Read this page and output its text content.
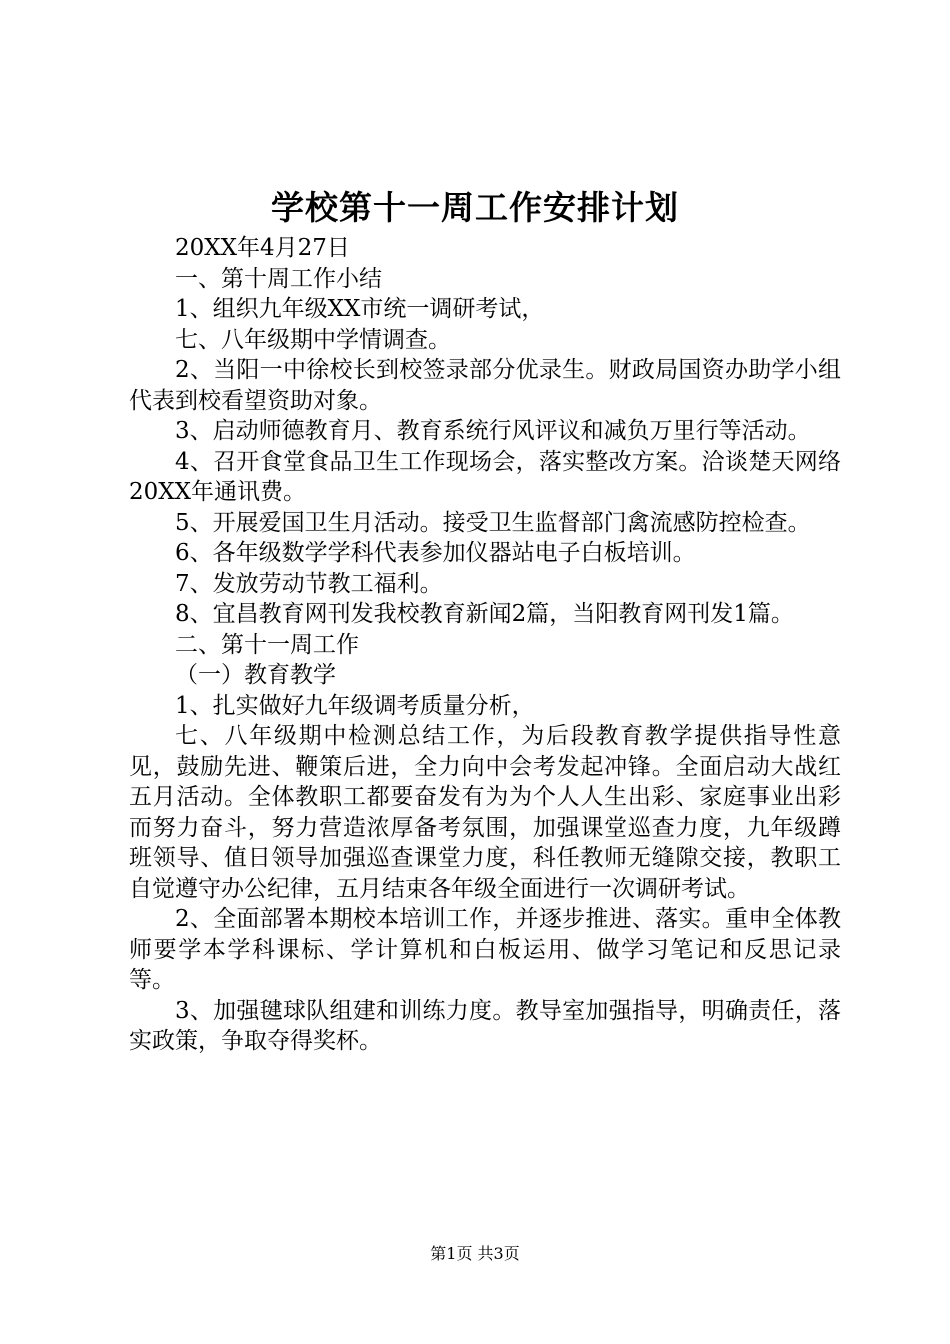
学校第十一周工作安排计划

20XX年4月27日

一、第十周工作小结

1、组织九年级XX市统一调研考试，

七、八年级期中学情调查。

2、当阳一中徐校长到校签录部分优录生。财政局国资办助学小组代表到校看望资助对象。

3、启动师德教育月、教育系统行风评议和减负万里行等活动。

4、召开食堂食品卫生工作现场会，落实整改方案。洽谈楚天网络20XX年通讯费。

5、开展爱国卫生月活动。接受卫生监督部门禽流感防控检查。

6、各年级数学学科代表参加仪器站电子白板培训。

7、发放劳动节教工福利。

8、宜昌教育网刊发我校教育新闻2篇，当阳教育网刊发1篇。

二、第十一周工作

（一）教育教学

1、扎实做好九年级调考质量分析，

七、八年级期中检测总结工作，为后段教育教学提供指导性意见，鼓励先进、鞭策后进，全力向中会考发起冲锋。全面启动大战红五月活动。全体教职工都要奋发有为为个人人生出彩、家庭事业出彩而努力奋斗，努力营造浓厚备考氛围，加强课堂巡查力度，九年级蹲班领导、值日领导加强巡查课堂力度，科任教师无缝隙交接，教职工自觉遵守办公纪律，五月结束各年级全面进行一次调研考试。

2、全面部署本期校本培训工作，并逐步推进、落实。重申全体教师要学本学科课标、学计算机和白板运用、做学习笔记和反思记录等。

3、加强毽球队组建和训练力度。教导室加强指导，明确责任，落实政策，争取夺得奖杯。

第1页 共3页
